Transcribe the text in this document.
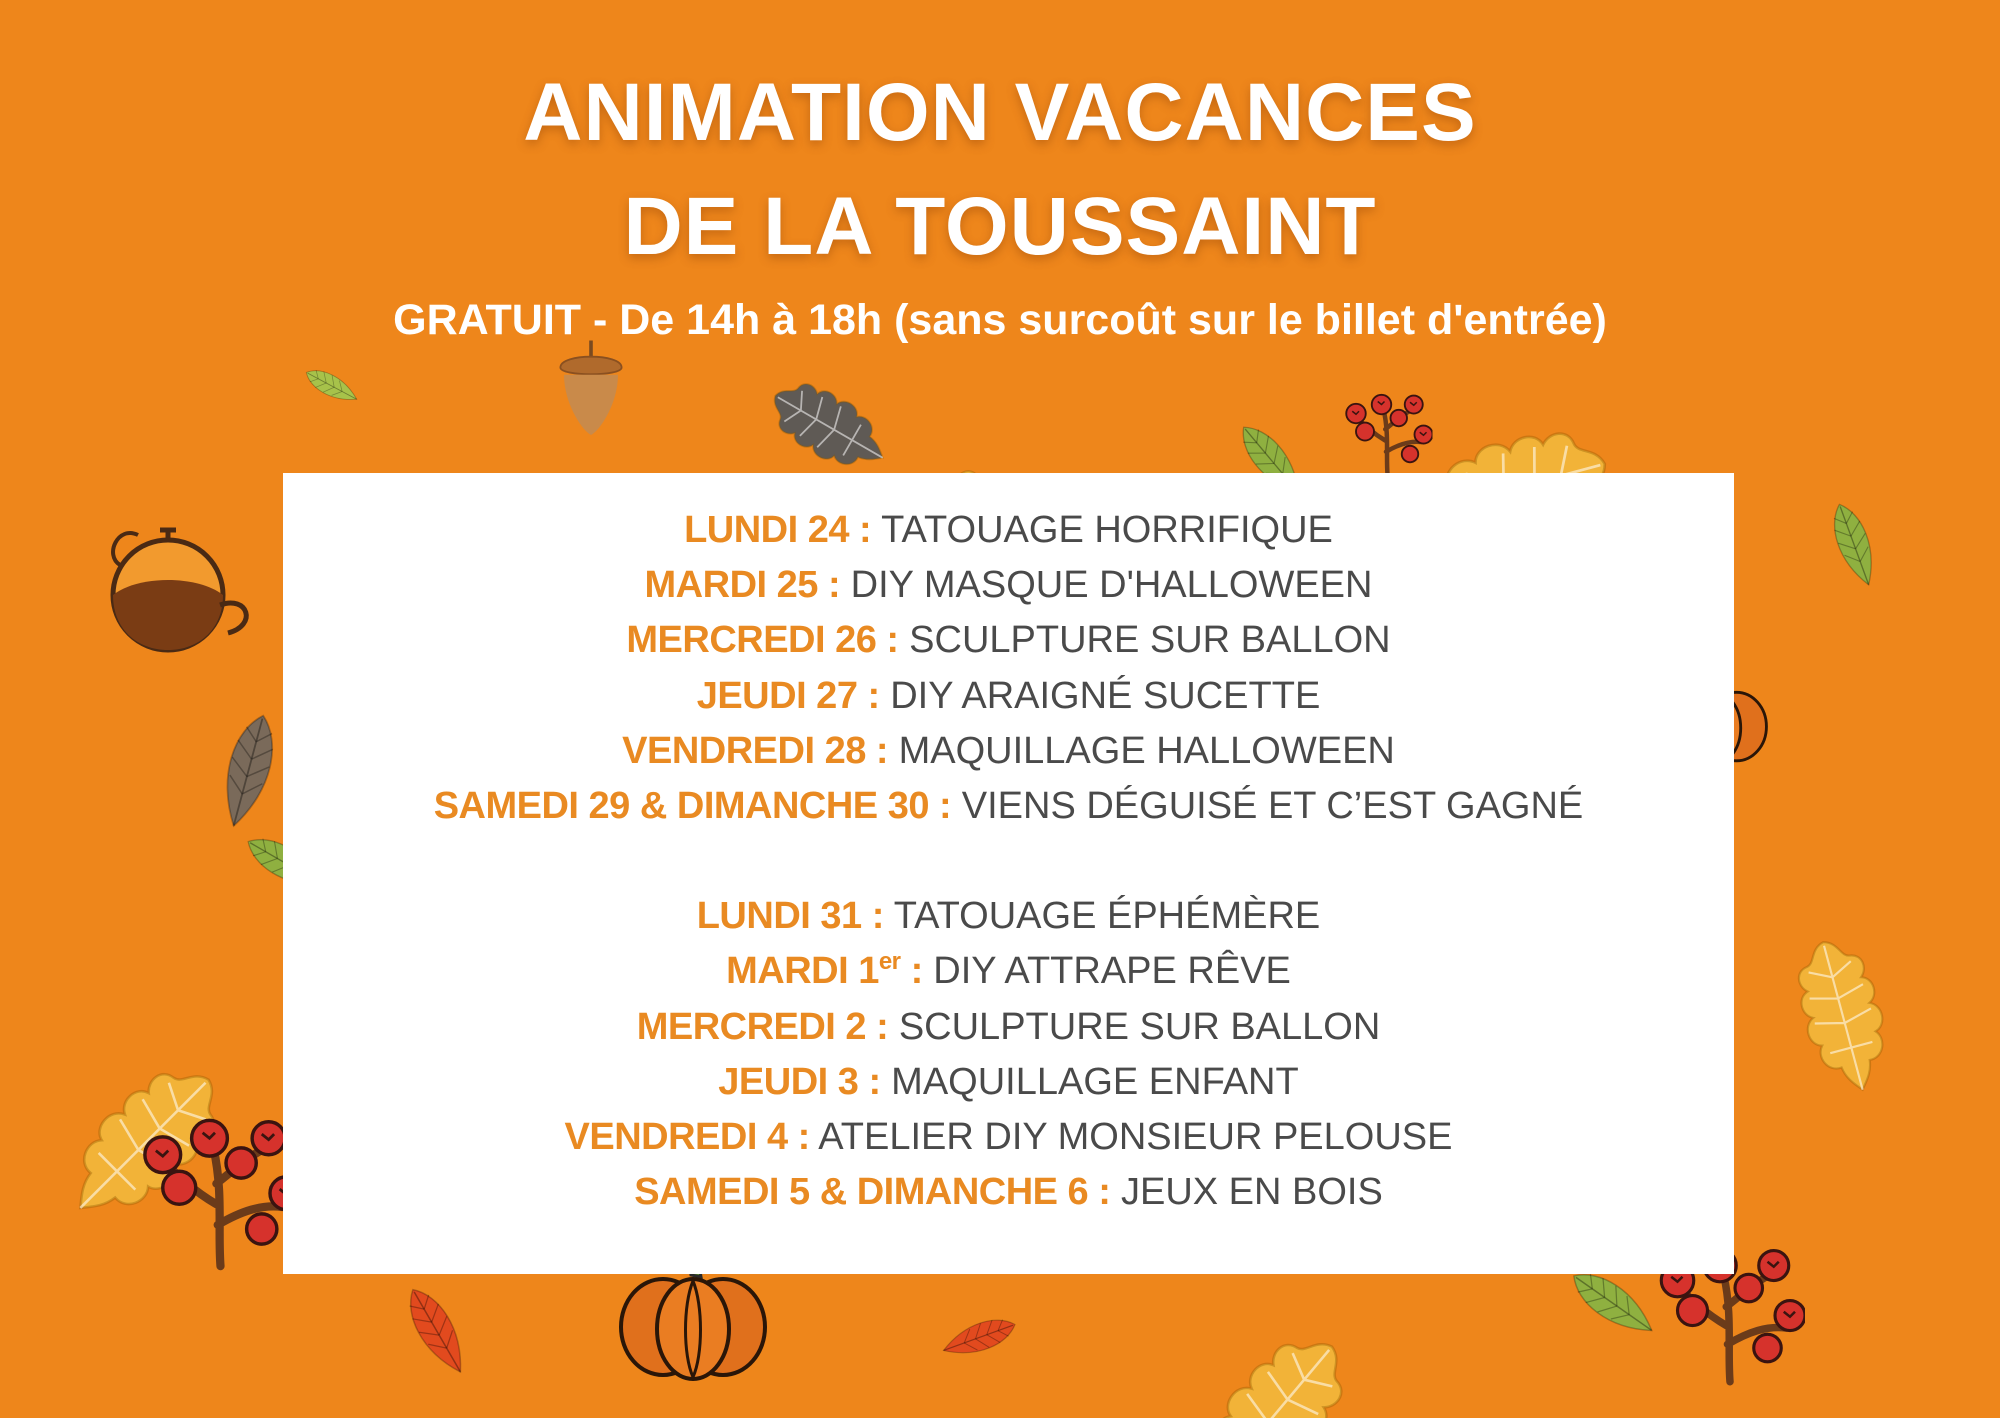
ANIMATION VACANCES
DE LA TOUSSAINT

GRATUIT - De 14h à 18h (sans surcoût sur le billet d'entrée)

LUNDI 24 : TATOUAGE HORRIFIQUE
MARDI 25 : DIY MASQUE D'HALLOWEEN
MERCREDI 26 : SCULPTURE SUR BALLON
JEUDI 27 : DIY ARAIGNÉ SUCETTE
VENDREDI 28 : MAQUILLAGE HALLOWEEN
SAMEDI 29 & DIMANCHE 30 : VIENS DÉGUISÉ ET C’EST GAGNÉ
LUNDI 31 : TATOUAGE ÉPHÉMÈRE
MARDI 1er : DIY ATTRAPE RÊVE
MERCREDI 2 : SCULPTURE SUR BALLON
JEUDI 3 : MAQUILLAGE ENFANT
VENDREDI 4 : ATELIER DIY MONSIEUR PELOUSE
SAMEDI 5 & DIMANCHE 6 : JEUX EN BOIS
